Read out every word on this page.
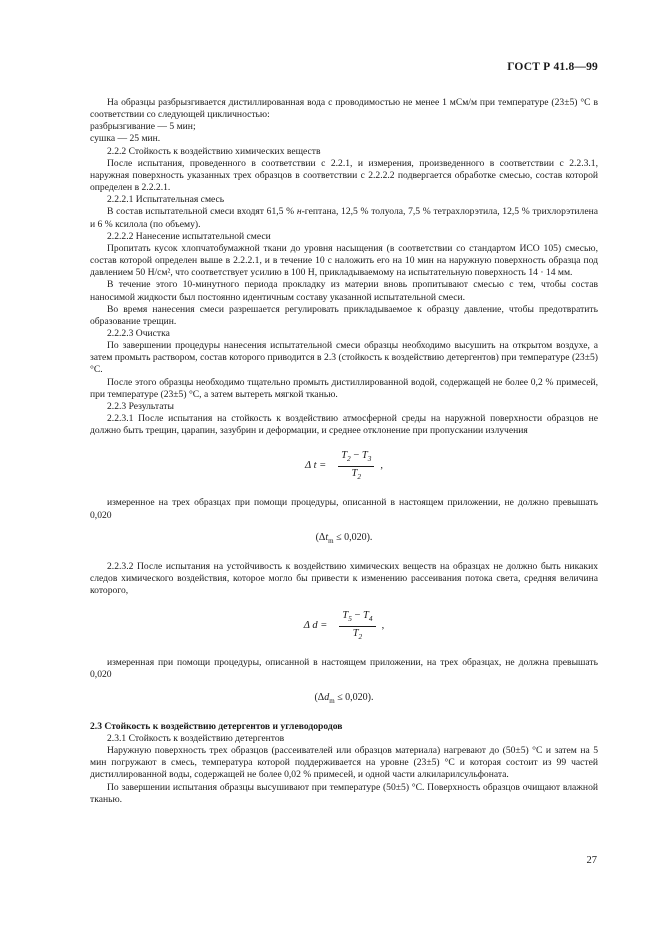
ГОСТ Р 41.8—99

На образцы разбрызгивается дистиллированная вода с проводимостью не менее 1 мСм/м при температуре (23±5) °С в соответствии со следующей цикличностью:

разбрызгивание — 5 мин;

сушка — 25 мин.

2.2.2 Стойкость к воздействию химических веществ

После испытания, проведенного в соответствии с 2.2.1, и измерения, произведенного в соответствии с 2.2.3.1, наружная поверхность указанных трех образцов в соответствии с 2.2.2.2 подвергается обработке смесью, состав которой определен в 2.2.2.1.

2.2.2.1 Испытательная смесь

В состав испытательной смеси входят 61,5 % н-гептана, 12,5 % толуола, 7,5 % тетрахлорэтила, 12,5 % трихлорэтилена и 6 % ксилола (по объему).

2.2.2.2 Нанесение испытательной смеси

Пропитать кусок хлопчатобумажной ткани до уровня насыщения (в соответствии со стандартом ИСО 105) смесью, состав которой определен выше в 2.2.2.1, и в течение 10 с наложить его на 10 мин на наружную поверхность образца под давлением 50 Н/см², что соответствует усилию в 100 Н, прикладываемому на испытательную поверхность 14 · 14 мм.

В течение этого 10-минутного периода прокладку из материи вновь пропитывают смесью с тем, чтобы состав наносимой жидкости был постоянно идентичным составу указанной испытательной смеси.

Во время нанесения смеси разрешается регулировать прикладываемое к образцу давление, чтобы предотвратить образование трещин.

2.2.2.3 Очистка

По завершении процедуры нанесения испытательной смеси образцы необходимо высушить на открытом воздухе, а затем промыть раствором, состав которого приводится в 2.3 (стойкость к воздействию детергентов) при температуре (23±5) °С.

После этого образцы необходимо тщательно промыть дистиллированной водой, содержащей не более 0,2 % примесей, при температуре (23±5) °С, а затем вытереть мягкой тканью.

2.2.3 Результаты

2.2.3.1 После испытания на стойкость к воздействию атмосферной среды на наружной поверхности образцов не должно быть трещин, царапин, зазубрин и деформации, и среднее отклонение при пропускании излучения

Δ $t = \frac{T_2 - T_3}{T_2}$ ,

измеренное на трех образцах при помощи процедуры, описанной в настоящем приложении, не должно превышать 0,020

$(\Delta t_m \le 0,020)$.

2.2.3.2 После испытания на устойчивость к воздействию химических веществ на образцах не должно быть никаких следов химического воздействия, которое могло бы привести к изменению рассеивания потока света, средняя величина которого,

Δ $d = \frac{T_5 - T_4}{T_2}$ ,

измеренная при помощи процедуры, описанной в настоящем приложении, на трех образцах, не должна превышать 0,020

$(\Delta d_m \le 0,020)$.

2.3 Стойкость к воздействию детергентов и углеводородов

2.3.1 Стойкость к воздействию детергентов

Наружную поверхность трех образцов (рассеивателей или образцов материала) нагревают до (50±5) °С и затем на 5 мин погружают в смесь, температура которой поддерживается на уровне (23±5) °С и которая состоит из 99 частей дистиллированной воды, содержащей не более 0,02 % примесей, и одной части алкиларилсульфоната.

По завершении испытания образцы высушивают при температуре (50±5) °С. Поверхность образцов очищают влажной тканью.

27
